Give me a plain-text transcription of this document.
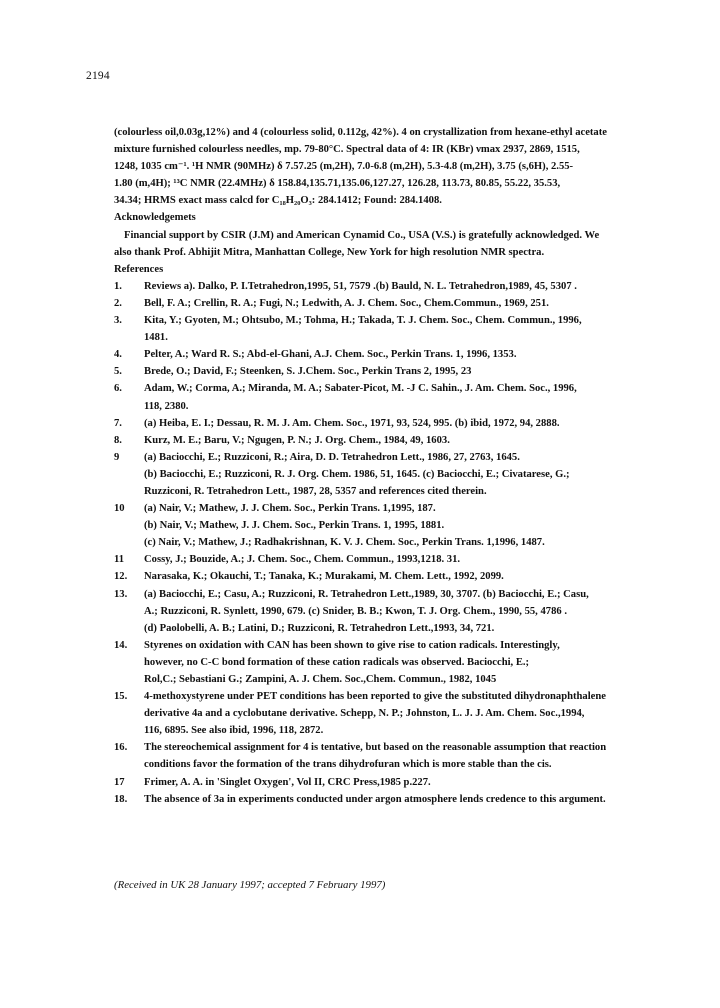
2194
(colourless oil,0.03g,12%) and 4 (colourless solid, 0.112g, 42%). 4 on crystallization from hexane-ethyl acetate
mixture furnished colourless needles, mp. 79-80°C. Spectral data of 4: IR (KBr) νmax 2937, 2869, 1515,
1248, 1035 cm⁻¹. ¹H NMR (90MHz) δ 7.57.25 (m,2H), 7.0-6.8 (m,2H), 5.3-4.8 (m,2H), 3.75 (s,6H), 2.55-
1.80 (m,4H); ¹³C NMR (22.4MHz) δ 158.84,135.71,135.06,127.27, 126.28, 113.73, 80.85, 55.22, 35.53,
34.34; HRMS exact mass calcd for C₁₈H₂₀O₃: 284.1412; Found: 284.1408.
Acknowledgemets
Financial support by CSIR (J.M) and American Cynamid Co., USA (V.S.) is gratefully acknowledged. We
also thank Prof. Abhijit Mitra, Manhattan College, New York for high resolution NMR spectra.
References
1.	Reviews a). Dalko, P. I.Tetrahedron,1995, 51, 7579 .(b) Bauld, N. L. Tetrahedron,1989, 45, 5307 .
2.	Bell, F. A.; Crellin, R. A.; Fugi, N.; Ledwith, A. J. Chem. Soc., Chem.Commun., 1969, 251.
3.	Kita, Y.; Gyoten, M.; Ohtsubo, M.; Tohma, H.; Takada, T. J. Chem. Soc., Chem. Commun., 1996,
1481.
4.	Pelter, A.; Ward R. S.; Abd-el-Ghani, A.J. Chem. Soc., Perkin Trans. 1, 1996, 1353.
5.	Brede, O.; David, F.; Steenken, S. J.Chem. Soc., Perkin Trans 2, 1995, 23
6.	Adam, W.; Corma, A.; Miranda, M. A.; Sabater-Picot, M. -J C. Sahin., J. Am. Chem. Soc., 1996,
118, 2380.
7.	(a) Heiba, E. I.; Dessau, R. M. J. Am. Chem. Soc., 1971, 93, 524, 995. (b) ibid, 1972, 94, 2888.
8.	Kurz, M. E.; Baru, V.; Ngugen, P. N.; J. Org. Chem., 1984, 49, 1603.
9	(a) Baciocchi, E.; Ruzziconi, R.; Aira, D. D. Tetrahedron Lett., 1986, 27, 2763, 1645.
(b) Baciocchi, E.; Ruzziconi, R. J. Org. Chem. 1986, 51, 1645. (c) Baciocchi, E.; Civatarese, G.;
Ruzziconi, R. Tetrahedron Lett., 1987, 28, 5357 and references cited therein.
10	(a) Nair, V.; Mathew, J. J. Chem. Soc., Perkin Trans. 1,1995, 187.
(b) Nair, V.; Mathew, J. J. Chem. Soc., Perkin Trans. 1, 1995, 1881.
(c) Nair, V.; Mathew, J.; Radhakrishnan, K. V. J. Chem. Soc., Perkin Trans. 1,1996, 1487.
11	Cossy, J.; Bouzide, A.; J. Chem. Soc., Chem. Commun., 1993,1218. 31.
12.	Narasaka, K.; Okauchi, T.; Tanaka, K.; Murakami, M. Chem. Lett., 1992, 2099.
13.	(a) Baciocchi, E.; Casu, A.; Ruzziconi, R. Tetrahedron Lett.,1989, 30, 3707. (b) Baciocchi, E.; Casu,
A.; Ruzziconi, R. Synlett, 1990, 679. (c) Snider, B. B.; Kwon, T. J. Org. Chem., 1990, 55, 4786 .
(d) Paolobelli, A. B.; Latini, D.; Ruzziconi, R. Tetrahedron Lett.,1993, 34, 721.
14.	Styrenes on oxidation with CAN has been shown to give rise to cation radicals. Interestingly,
however, no C-C bond formation of these cation radicals was observed. Baciocchi, E.;
Rol,C.; Sebastiani G.; Zampini, A. J. Chem. Soc.,Chem. Commun., 1982, 1045
15.	4-methoxystyrene under PET conditions has been reported to give the substituted dihydronaphthalene
derivative 4a and a cyclobutane derivative. Schepp, N. P.; Johnston, L. J. J. Am. Chem. Soc.,1994,
116, 6895. See also ibid, 1996, 118, 2872.
16.	The stereochemical assignment for 4 is tentative, but based on the reasonable assumption that reaction
conditions favor the formation of the trans dihydrofuran which is more stable than the cis.
17	Frimer, A. A. in 'Singlet Oxygen', Vol II, CRC Press,1985 p.227.
18.	The absence of 3a in experiments conducted under argon atmosphere lends credence to this argument.
(Received in UK 28 January 1997; accepted 7 February 1997)
